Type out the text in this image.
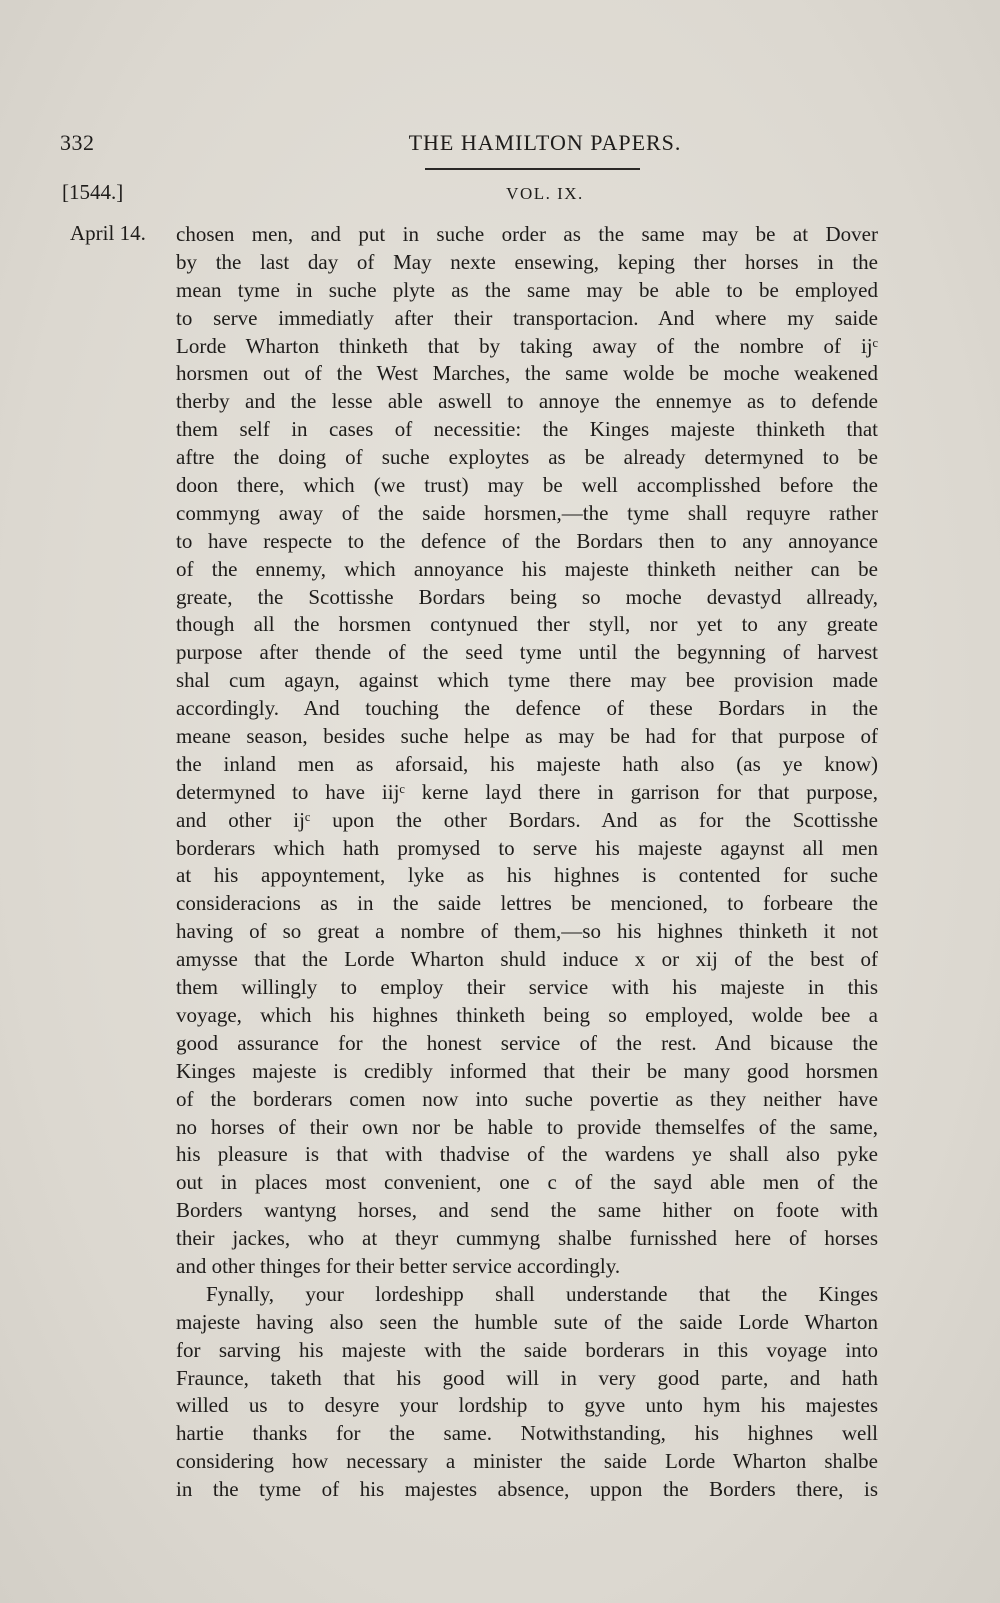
332	THE HAMILTON PAPERS.
[1544.]	VOL. IX.
April 14. chosen men, and put in suche order as the same may be at Dover
by the last day of May nexte ensewing, keping ther horses in the
mean tyme in suche plyte as the same may be able to be employed
to serve immediatly after their transportacion. And where my saide
Lorde Wharton thinketh that by taking away of the nombre of ijᶜ
horsmen out of the West Marches, the same wolde be moche weakened
therby and the lesse able aswell to annoye the ennemye as to defende
them self in cases of necessitie: the Kinges majeste thinketh that
aftre the doing of suche exploytes as be already determyned to be
doon there, which (we trust) may be well accomplisshed before the
commyng away of the saide horsmen,—the tyme shall requyre rather
to have respecte to the defence of the Bordars then to any annoyance
of the ennemy, which annoyance his majeste thinketh neither can be
greate, the Scottisshe Bordars being so moche devastyd allready,
though all the horsmen contynued ther styll, nor yet to any greate
purpose after thende of the seed tyme until the begynning of harvest
shal cum agayn, against which tyme there may bee provision made
accordingly. And touching the defence of these Bordars in the
meane season, besides suche helpe as may be had for that purpose of
the inland men as aforsaid, his majeste hath also (as ye know)
determyned to have iijᶜ kerne layd there in garrison for that purpose,
and other ijᶜ upon the other Bordars. And as for the Scottisshe
borderars which hath promysed to serve his majeste agaynst all men
at his appoyntement, lyke as his highnes is contented for suche
consideracions as in the saide lettres be mencioned, to forbeare the
having of so great a nombre of them,—so his highnes thinketh it not
amysse that the Lorde Wharton shuld induce x or xij of the best of
them willingly to employ their service with his majeste in this
voyage, which his highnes thinketh being so employed, wolde bee a
good assurance for the honest service of the rest. And bicause the
Kinges majeste is credibly informed that their be many good horsmen
of the borderars comen now into suche povertie as they neither have
no horses of their own nor be hable to provide themselfes of the same,
his pleasure is that with thadvise of the wardens ye shall also pyke
out in places most convenient, one c of the sayd able men of the
Borders wantyng horses, and send the same hither on foote with
their jackes, who at theyr cummyng shalbe furnisshed here of horses
and other thinges for their better service accordingly.
Fynally, your lordeshipp shall understande that the Kinges
majeste having also seen the humble sute of the saide Lorde Wharton
for sarving his majeste with the saide borderars in this voyage into
Fraunce, taketh that his good will in very good parte, and hath
willed us to desyre your lordship to gyve unto hym his majestes
hartie thanks for the same. Notwithstanding, his highnes well
considering how necessary a minister the saide Lorde Wharton shalbe
in the tyme of his majestes absence, uppon the Borders there, is
